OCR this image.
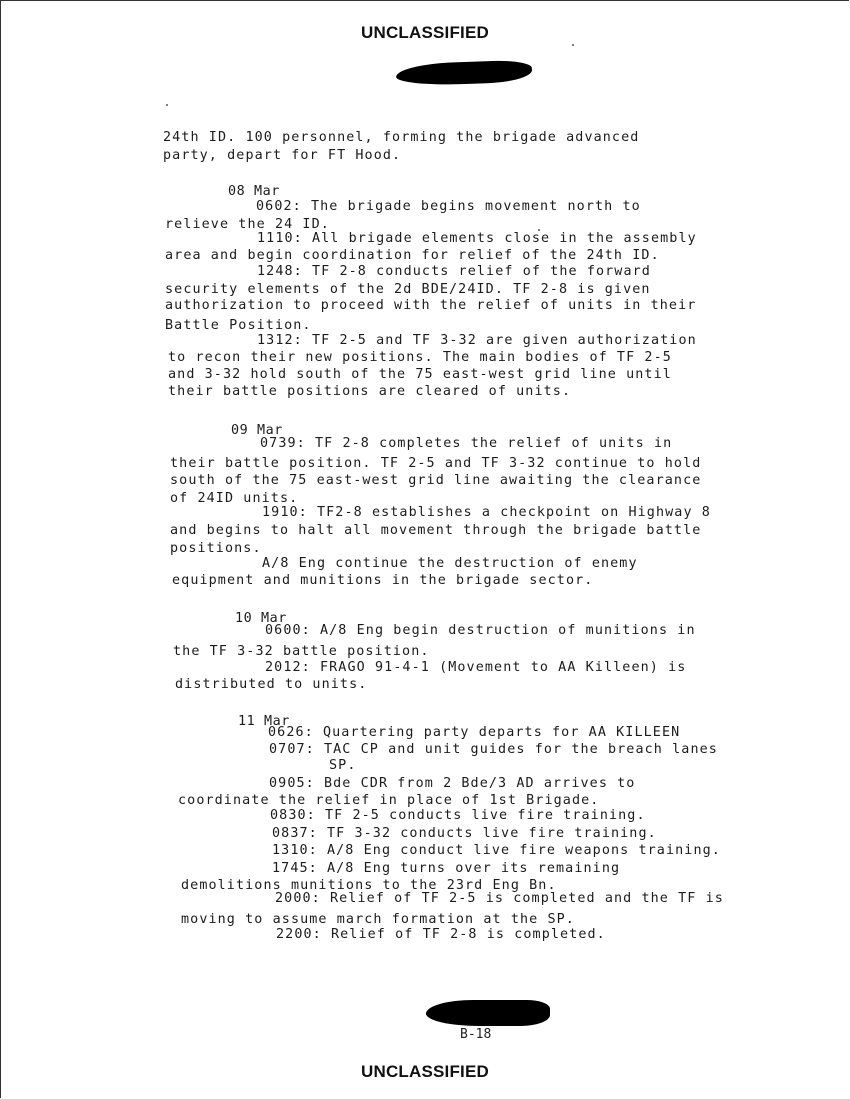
UNCLASSIFIED
24th ID. 100 personnel, forming the brigade advanced
party, depart for FT Hood.
08 Mar
0602: The brigade begins movement north to
relieve the 24 ID.
1110: All brigade elements close in the assembly
area and begin coordination for relief of the 24th ID.
1248: TF 2-8 conducts relief of the forward
security elements of the 2d BDE/24ID. TF 2-8 is given
authorization to proceed with the relief of units in their
Battle Position.
1312: TF 2-5 and TF 3-32 are given authorization
to recon their new positions. The main bodies of TF 2-5
and 3-32 hold south of the 75 east-west grid line until
their battle positions are cleared of units.
09 Mar
0739: TF 2-8 completes the relief of units in
their battle position. TF 2-5 and TF 3-32 continue to hold
south of the 75 east-west grid line awaiting the clearance
of 24ID units.
1910: TF2-8 establishes a checkpoint on Highway 8
and begins to halt all movement through the brigade battle
positions.
A/8 Eng continue the destruction of enemy
equipment and munitions in the brigade sector.
10 Mar
0600: A/8 Eng begin destruction of munitions in
the TF 3-32 battle position.
2012: FRAGO 91-4-1 (Movement to AA Killeen) is
distributed to units.
11 Mar
0626: Quartering party departs for AA KILLEEN
0707: TAC CP and unit guides for the breach lanes
SP.
0905: Bde CDR from 2 Bde/3 AD arrives to
coordinate the relief in place of 1st Brigade.
0830: TF 2-5 conducts live fire training.
0837: TF 3-32 conducts live fire training.
1310: A/8 Eng conduct live fire weapons training.
1745: A/8 Eng turns over its remaining
demolitions munitions to the 23rd Eng Bn.
2000: Relief of TF 2-5 is completed and the TF is
moving to assume march formation at the SP.
2200: Relief of TF 2-8 is completed.
B-18
UNCLASSIFIED
